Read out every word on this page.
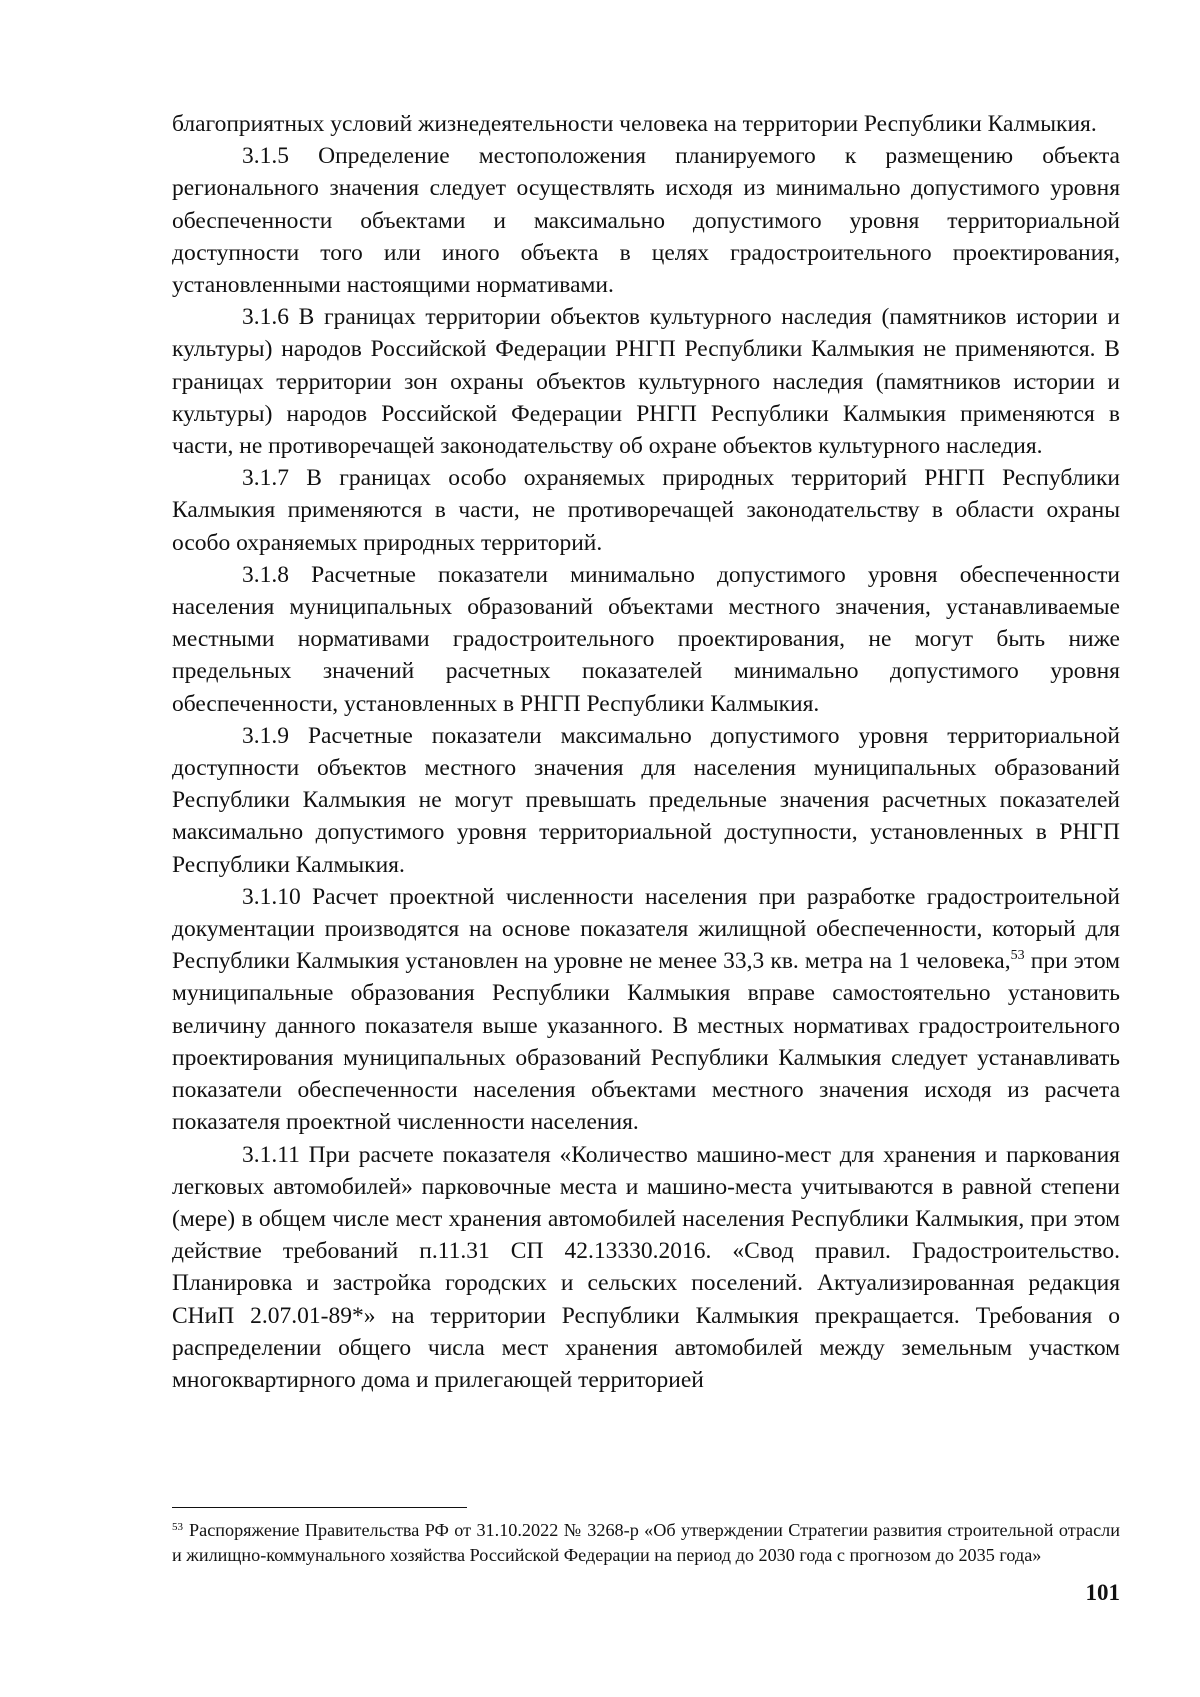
благоприятных условий жизнедеятельности человека на территории Республики Калмыкия.

3.1.5 Определение местоположения планируемого к размещению объекта регионального значения следует осуществлять исходя из минимально допустимого уровня обеспеченности объектами и максимально допустимого уровня территориальной доступности того или иного объекта в целях градостроительного проектирования, установленными настоящими нормативами.

3.1.6 В границах территории объектов культурного наследия (памятников истории и культуры) народов Российской Федерации РНГП Республики Калмыкия не применяются. В границах территории зон охраны объектов культурного наследия (памятников истории и культуры) народов Российской Федерации РНГП Республики Калмыкия применяются в части, не противоречащей законодательству об охране объектов культурного наследия.

3.1.7 В границах особо охраняемых природных территорий РНГП Республики Калмыкия применяются в части, не противоречащей законодательству в области охраны особо охраняемых природных территорий.

3.1.8 Расчетные показатели минимально допустимого уровня обеспеченности населения муниципальных образований объектами местного значения, устанавливаемые местными нормативами градостроительного проектирования, не могут быть ниже предельных значений расчетных показателей минимально допустимого уровня обеспеченности, установленных в РНГП Республики Калмыкия.

3.1.9 Расчетные показатели максимально допустимого уровня территориальной доступности объектов местного значения для населения муниципальных образований Республики Калмыкия не могут превышать предельные значения расчетных показателей максимально допустимого уровня территориальной доступности, установленных в РНГП Республики Калмыкия.

3.1.10 Расчет проектной численности населения при разработке градостроительной документации производятся на основе показателя жилищной обеспеченности, который для Республики Калмыкия установлен на уровне не менее 33,3 кв. метра на 1 человека,$^{53}$ при этом муниципальные образования Республики Калмыкия вправе самостоятельно установить величину данного показателя выше указанного. В местных нормативах градостроительного проектирования муниципальных образований Республики Калмыкия следует устанавливать показатели обеспеченности населения объектами местного значения исходя из расчета показателя проектной численности населения.

3.1.11 При расчете показателя «Количество машино-мест для хранения и паркования легковых автомобилей» парковочные места и машино-места учитываются в равной степени (мере) в общем числе мест хранения автомобилей населения Республики Калмыкия, при этом действие требований п.11.31 СП 42.13330.2016. «Свод правил. Градостроительство. Планировка и застройка городских и сельских поселений. Актуализированная редакция СНиП 2.07.01-89*» на территории Республики Калмыкия прекращается. Требования о распределении общего числа мест хранения автомобилей между земельным участком многоквартирного дома и прилегающей территорией

$^{53}$ Распоряжение Правительства РФ от 31.10.2022 № 3268-р «Об утверждении Стратегии развития строительной отрасли и жилищно-коммунального хозяйства Российской Федерации на период до 2030 года с прогнозом до 2035 года»

101
